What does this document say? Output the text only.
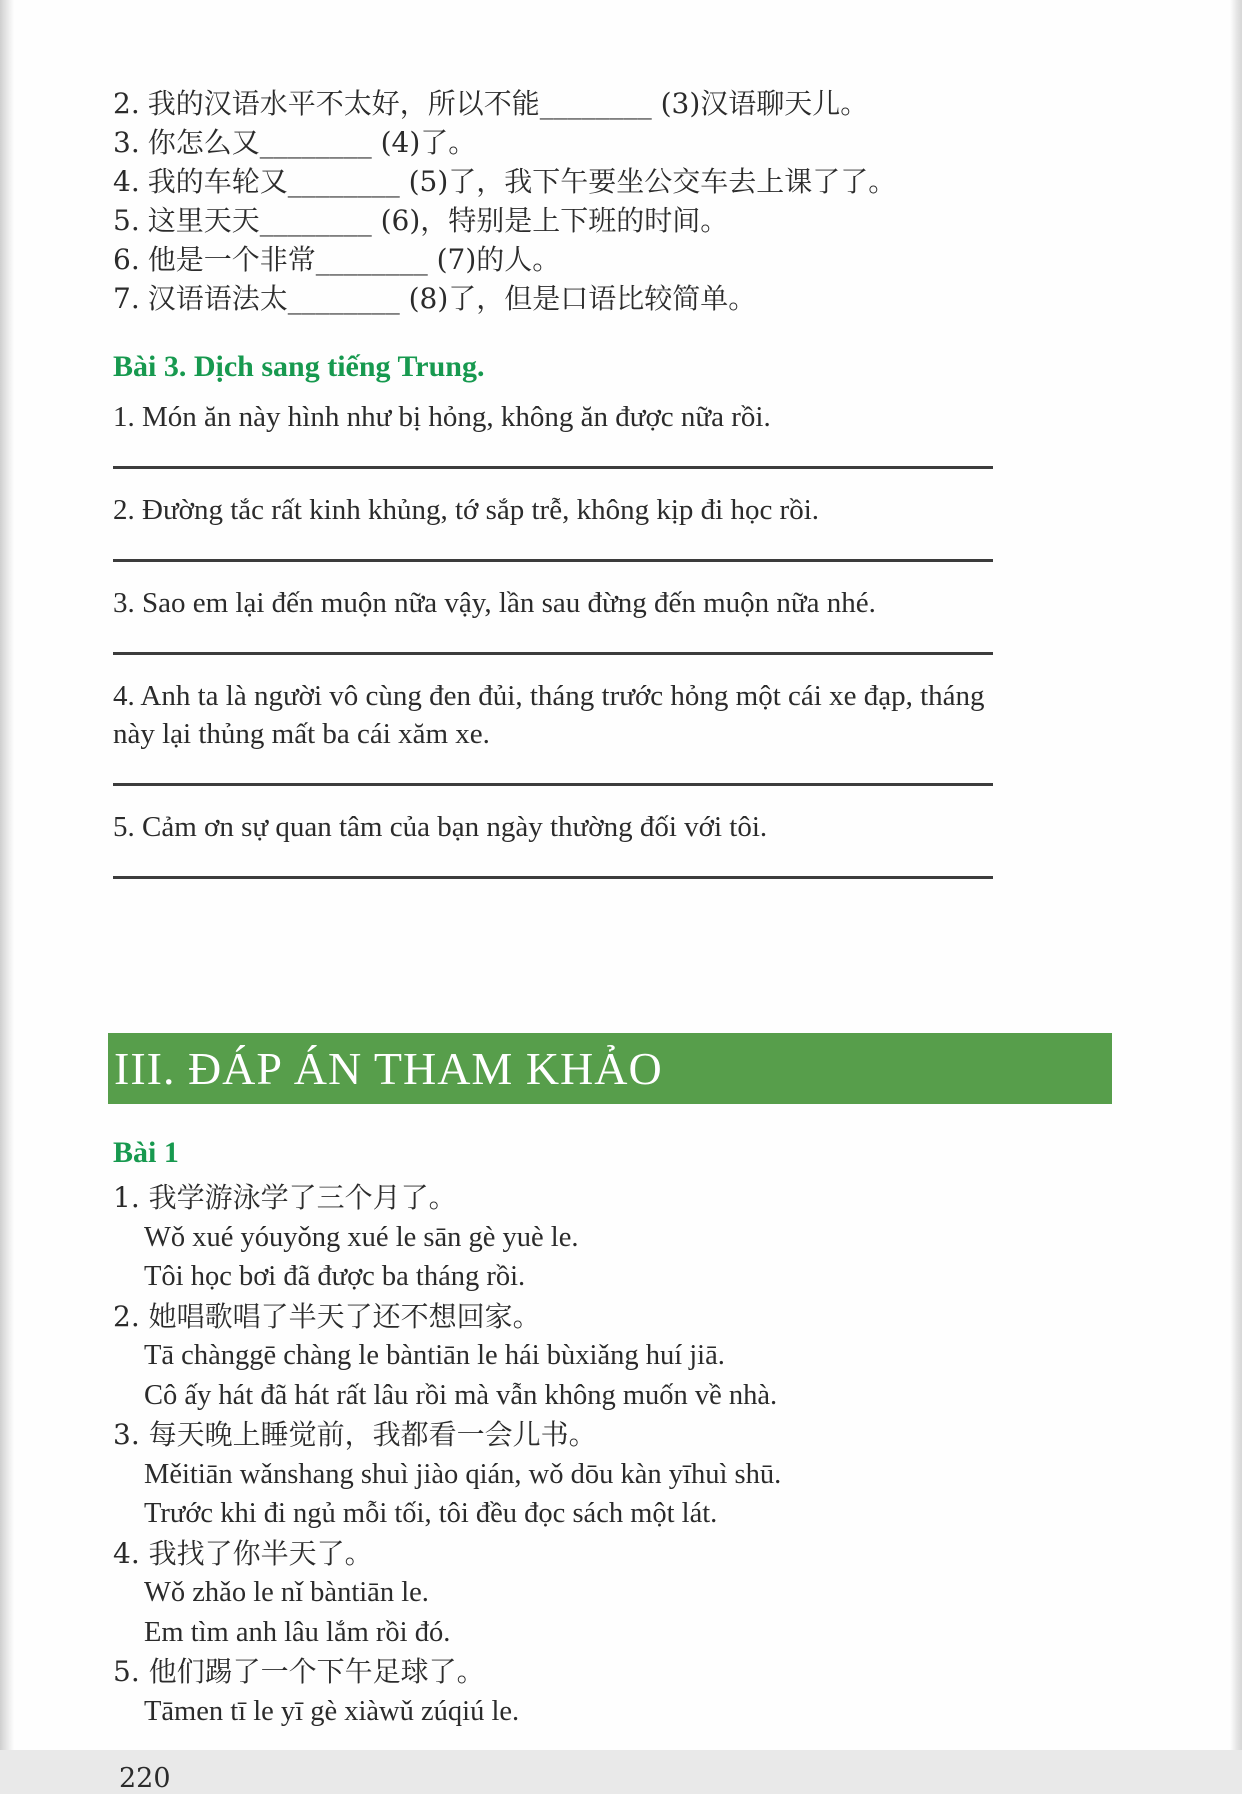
2. 我的汉语水平不太好，所以不能________ (3)汉语聊天儿。
3. 你怎么又________ (4)了。
4. 我的车轮又________ (5)了，我下午要坐公交车去上课了了。
5. 这里天天________ (6)，特别是上下班的时间。
6. 他是一个非常________ (7)的人。
7. 汉语语法太________ (8)了，但是口语比较简单。
Bài 3. Dịch sang tiếng Trung.

1. Món ăn này hình như bị hỏng, không ăn được nữa rồi.

2. Đường tắc rất kinh khủng, tớ sắp trễ, không kịp đi học rồi.

3. Sao em lại đến muộn nữa vậy, lần sau đừng đến muộn nữa nhé.

4. Anh ta là người vô cùng đen đủi, tháng trước hỏng một cái xe đạp, tháng này lại thủng mất ba cái xăm xe.

5. Cảm ơn sự quan tâm của bạn ngày thường đối với tôi.

III. ĐÁP ÁN THAM KHẢO
Bài 1

1. 我学游泳学了三个月了。

Wǒ xué yóuyǒng xué le sān gè yuè le.

Tôi học bơi đã được ba tháng rồi.

2. 她唱歌唱了半天了还不想回家。

Tā chànggē chàng le bàntiān le hái bùxiǎng huí jiā.

Cô ấy hát đã hát rất lâu rồi mà vẫn không muốn về nhà.

3. 每天晚上睡觉前，我都看一会儿书。

Měitiān wǎnshang shuì jiào qián, wǒ dōu kàn yīhuì shū.

Trước khi đi ngủ mỗi tối, tôi đều đọc sách một lát.

4. 我找了你半天了。

Wǒ zhǎo le nǐ bàntiān le.

Em tìm anh lâu lắm rồi đó.

5. 他们踢了一个下午足球了。

Tāmen tī le yī gè xiàwǔ zúqiú le.

220
